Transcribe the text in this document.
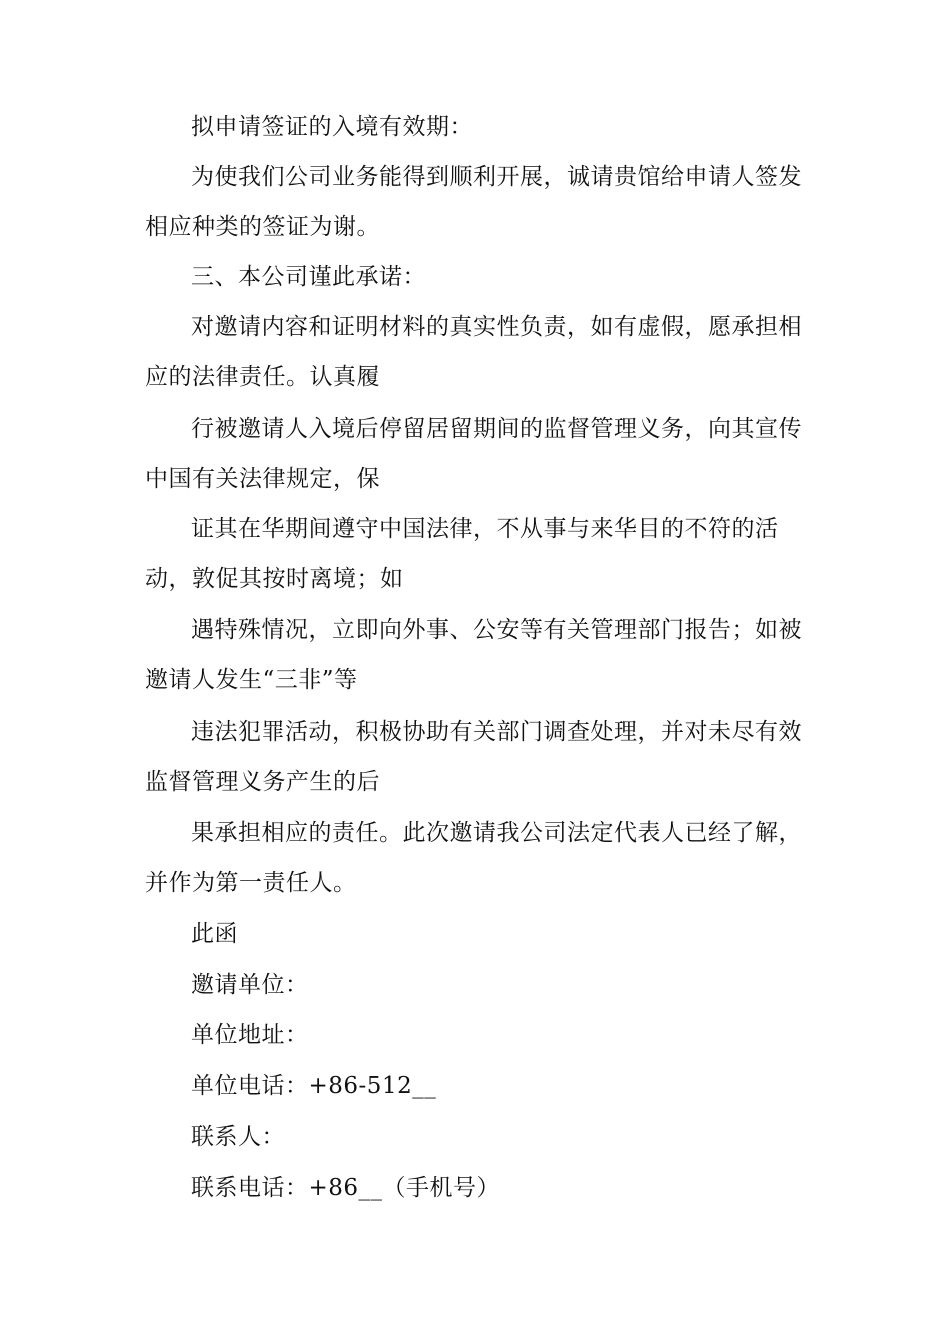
拟申请签证的入境有效期：

为使我们公司业务能得到顺利开展，诚请贵馆给申请人签发相应种类的签证为谢。

三、本公司谨此承诺：

对邀请内容和证明材料的真实性负责，如有虚假，愿承担相应的法律责任。认真履

行被邀请人入境后停留居留期间的监督管理义务，向其宣传中国有关法律规定，保

证其在华期间遵守中国法律，不从事与来华目的不符的活动，敦促其按时离境；如

遇特殊情况，立即向外事、公安等有关管理部门报告；如被邀请人发生“三非”等

违法犯罪活动，积极协助有关部门调查处理，并对未尽有效监督管理义务产生的后

果承担相应的责任。此次邀请我公司法定代表人已经了解，并作为第一责任人。

此函

邀请单位：

单位地址：

单位电话：+86-512__

联系人：

联系电话：+86__（手机号）
